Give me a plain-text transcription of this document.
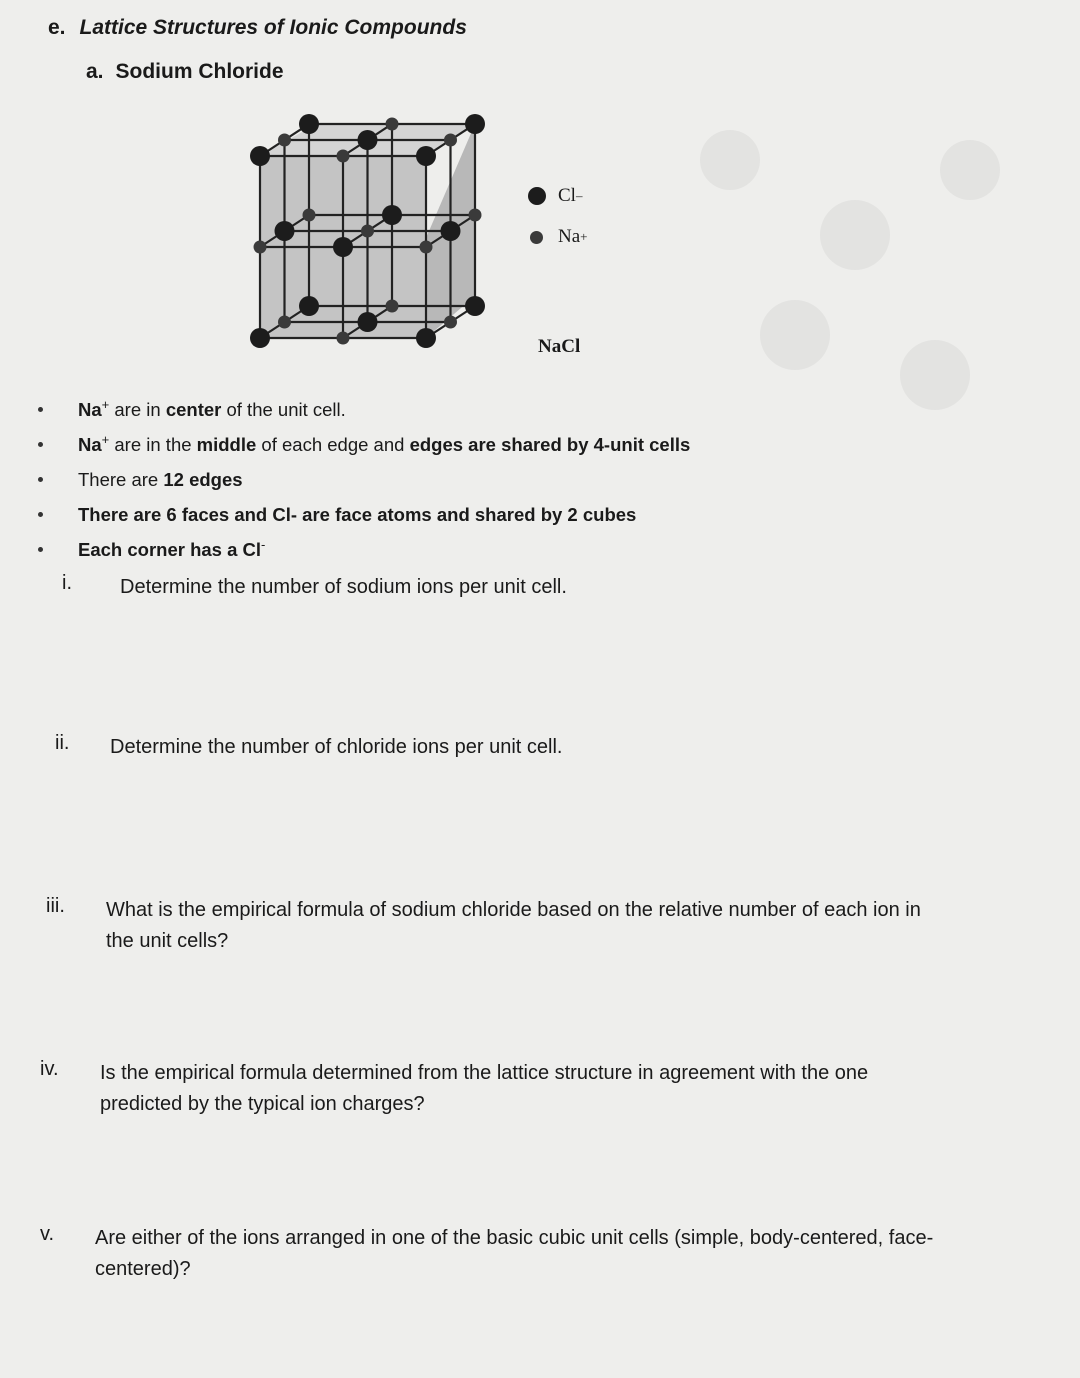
e. Lattice Structures of Ionic Compounds
a. Sodium Chloride
Cl –
Na +
NaCl
Na+ are in center of the unit cell.
Na+ are in the middle of each edge and edges are shared by 4-unit cells
There are 12 edges
There are 6 faces and Cl- are face atoms and shared by 2 cubes
Each corner has a Cl-
i. Determine the number of sodium ions per unit cell.
ii. Determine the number of chloride ions per unit cell.
iii. What is the empirical formula of sodium chloride based on the relative number of each ion in
the unit cells?
iv. Is the empirical formula determined from the lattice structure in agreement with the one
predicted by the typical ion charges?
v. Are either of the ions arranged in one of the basic cubic unit cells (simple, body-centered, face-
centered)?
